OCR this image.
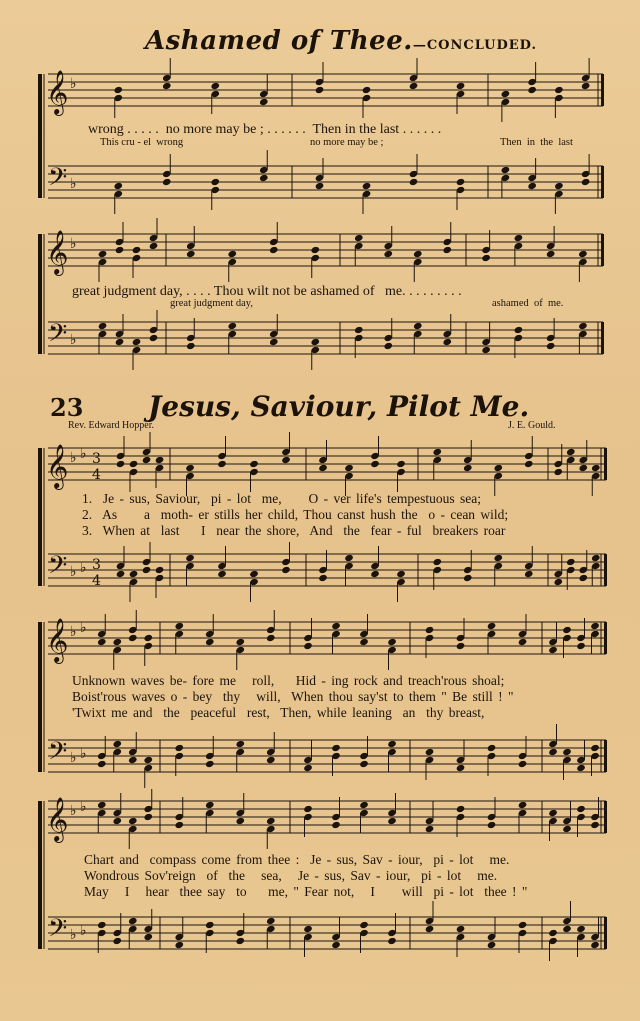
Ashamed of Thee.—CONCLUDED.
𝄞
𝄢
♭
♭
𝄞
𝄢
♭
♭
𝄞
𝄢
♭
♭
♭
♭
3
4
3
4
𝄞
𝄢
♭
♭
♭
♭
𝄞
𝄢
♭
♭
♭
♭
wrong . . . . .  no more may be ; . . . . . .  Then in the last . . . . . .
This cru - el  wrong	no more may be ;	Then  in  the  last
great judgment day, . . . . Thou wilt not be ashamed of   me. . . . . . . . .
great judgment day,	ashamed  of  me.
23 Jesus, Saviour, Pilot Me.
Rev. Edward Hopper.	J. E. Gould.
1.  Je - sus, Saviour,  pi - lot  me,     O - ver life's tempestuous sea;
2.  As     a  moth- er stills her child, Thou canst hush the  o - cean wild;
3.  When at  last    I  near the shore,  And  the  fear - ful  breakers roar
Unknown waves be- fore me   roll,    Hid - ing rock and treach'rous shoal;
Boist'rous waves o - bey  thy   will,  When thou say'st to them " Be still ! "
'Twixt me and  the  peaceful  rest,  Then, while leaning  an  thy breast,
Chart and  compass come from thee :  Je - sus, Sav - iour,  pi - lot   me.
Wondrous Sov'reign  of  the   sea,   Je - sus, Sav - iour,  pi - lot   me.
May   I   hear  thee say  to    me, " Fear not,   I     will  pi - lot  thee ! "
